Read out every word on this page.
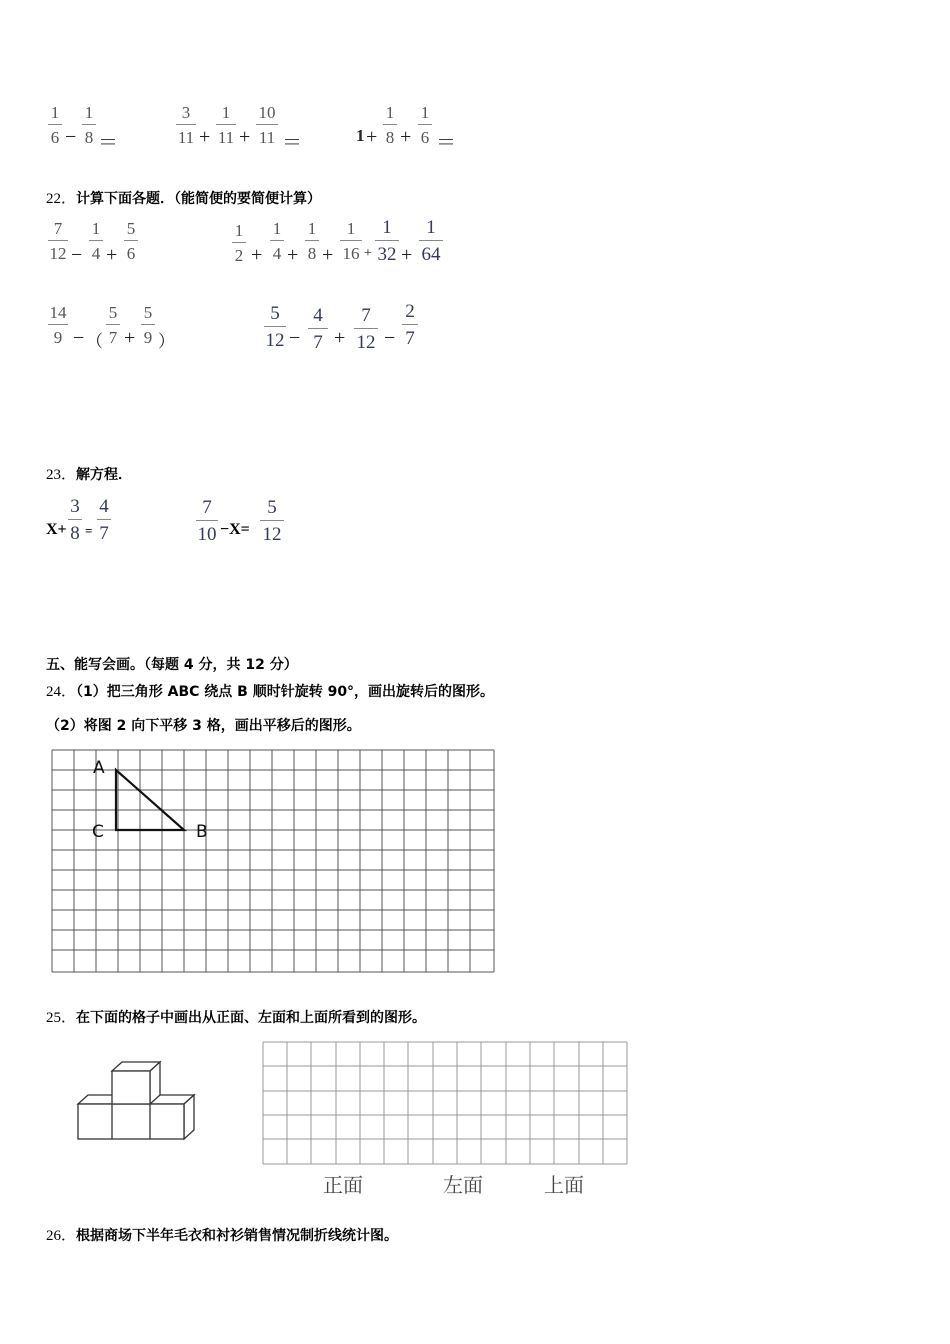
1
6 −
1
8 ＝
3
11 +
1
11 +
10
11 ＝	1 +
1
8 +
1
6 ＝
22．计算下面各题．（能简便的要简便计算）
7
12 −
1
4 +
5
6
1
2 +
1
4 +
1
8 +
1
16 +
1
32 +
1
64
14
9 − （
5
7 +
5
9 ）
5
12 −
4
7 +
7
12 −
2
7
23．解方程．
X+
3
8 =
4
7
7
10 −X=
5
12
五、能写会画。（每题 4 分，共 12 分）
24．（1）把三角形 ABC 绕点 B 顺时针旋转 90°，画出旋转后的图形。
（2）将图 2 向下平移 3 格，画出平移后的图形。
A
C	B
25．在下面的格子中画出从正面、左面和上面所看到的图形。
正面	左面	上面
26．根据商场下半年毛衣和衬衫销售情况制折线统计图。
